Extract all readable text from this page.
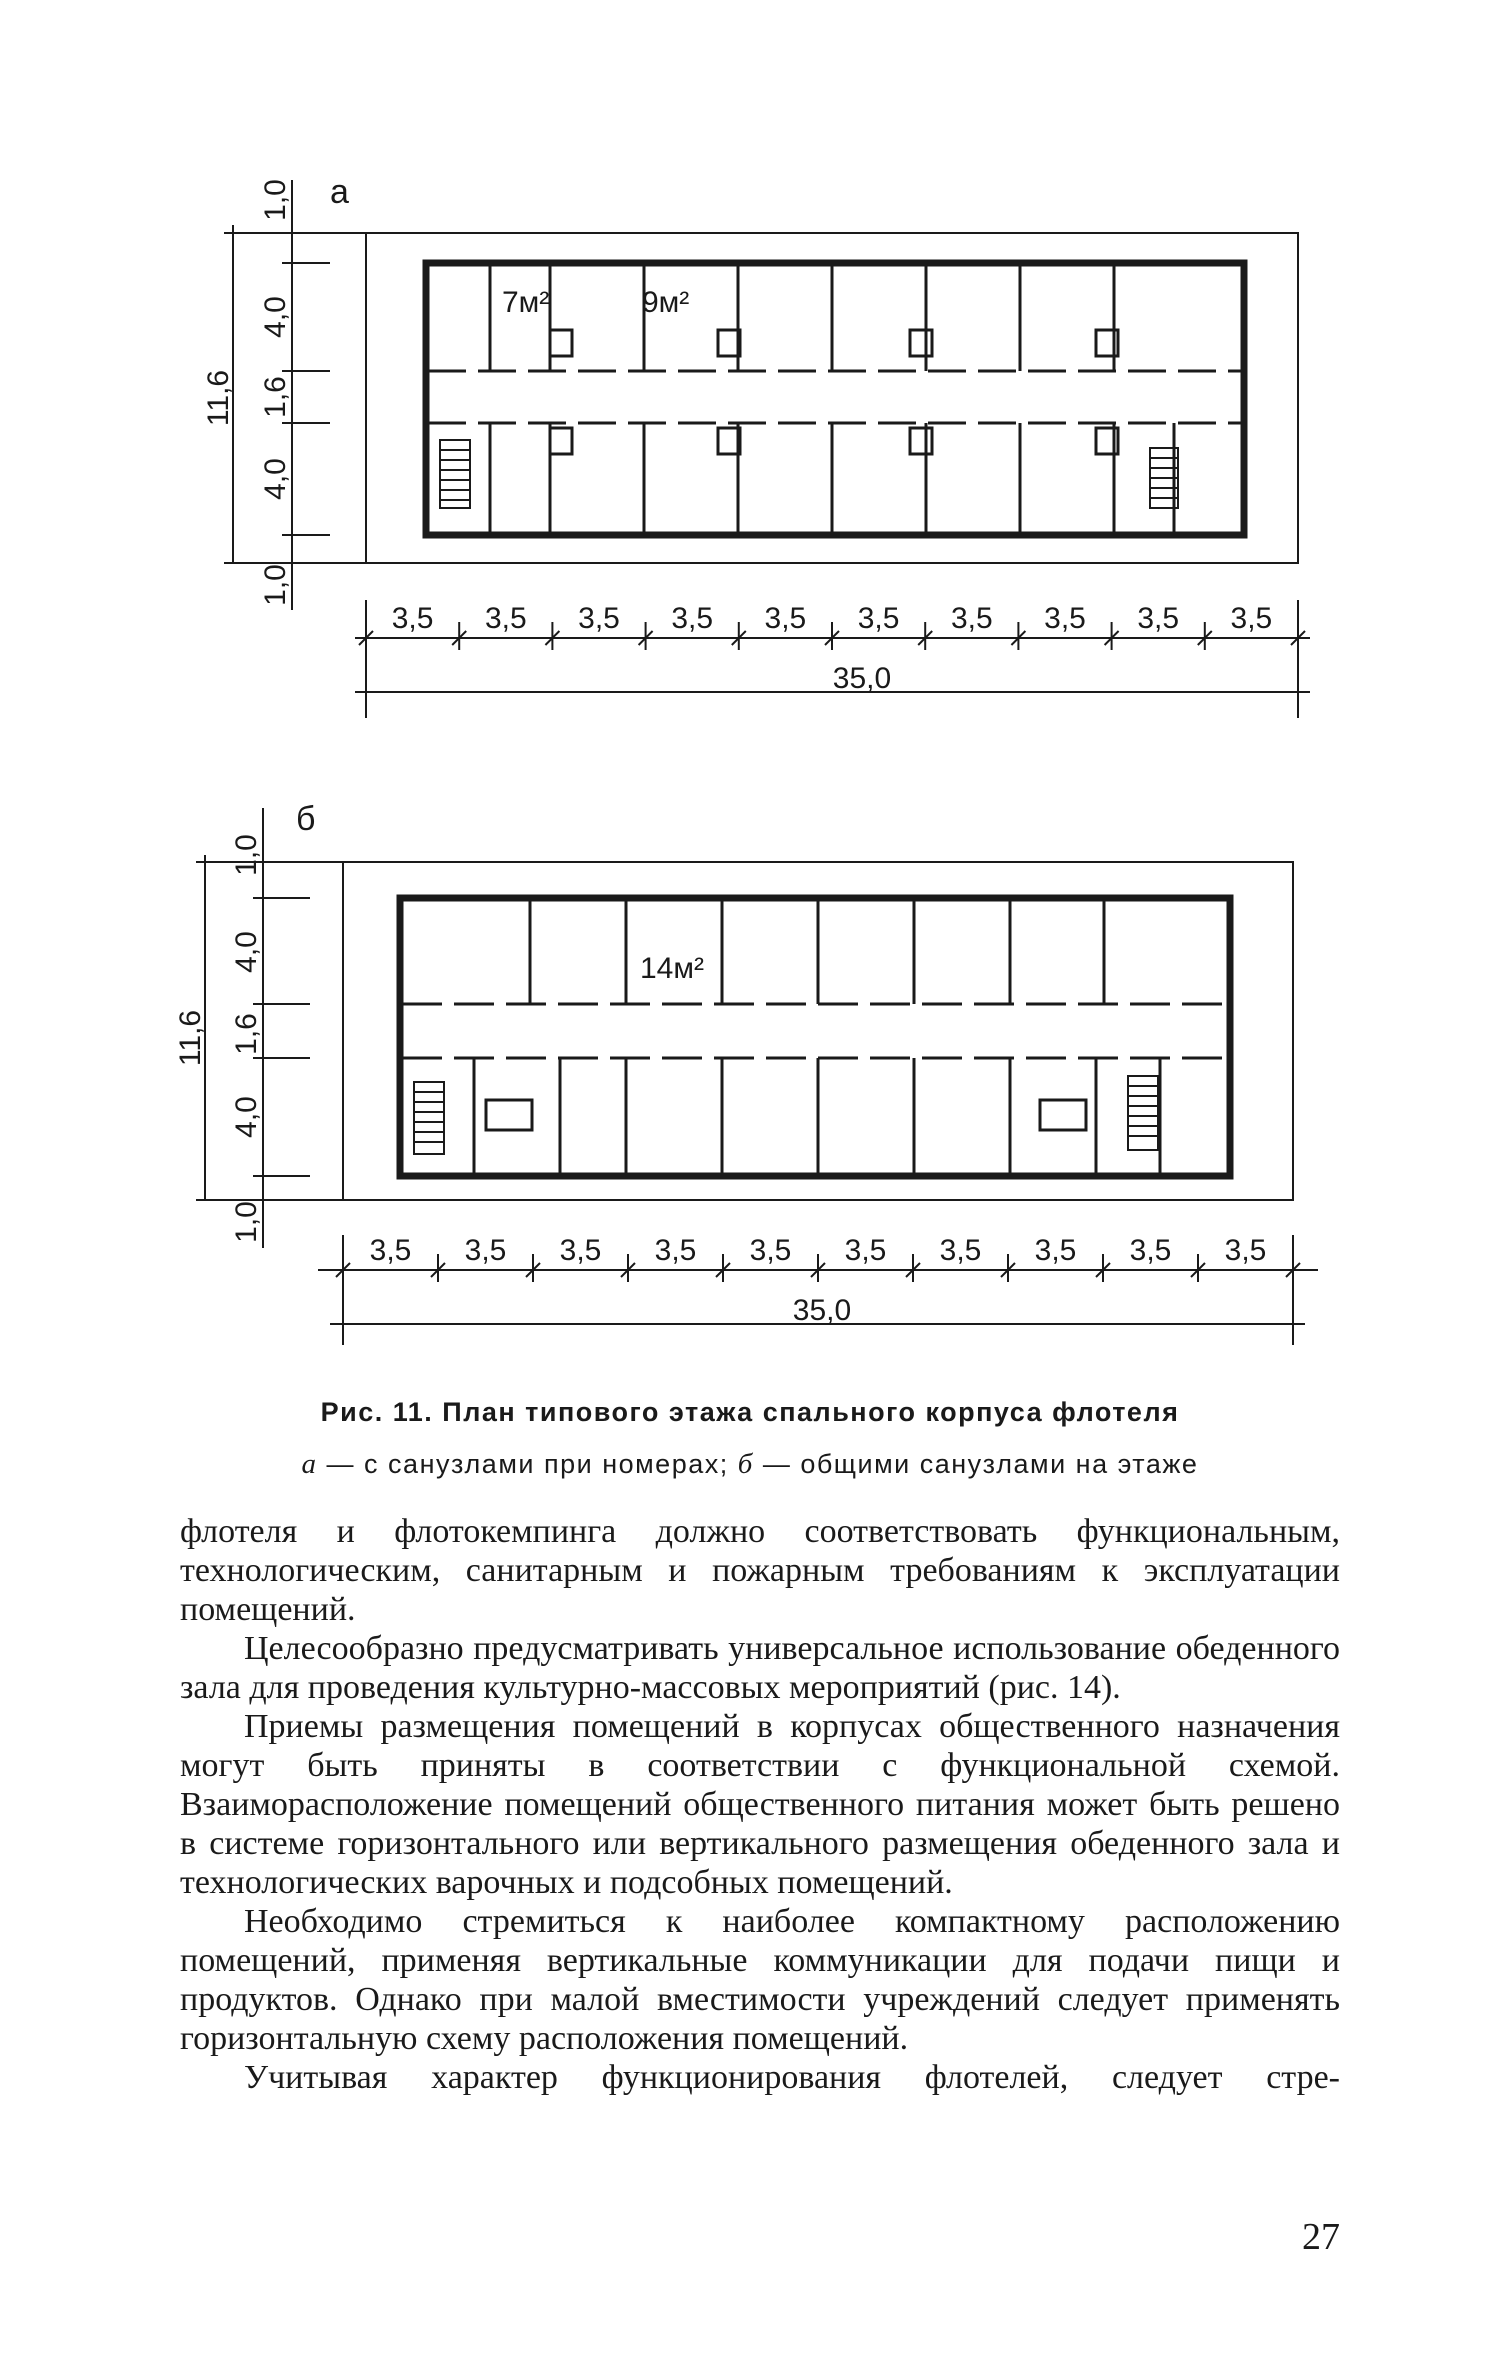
а
7м²	9м²
11,6
1,0
4,0
1,6
4,0
1,0
3,5 3,5 3,5 3,5 3,5 3,5 3,5 3,5 3,5 3,5
35,0
б
14м²
11,6
1,0
4,0
1,6
4,0
1,0
3,5 3,5 3,5 3,5 3,5 3,5 3,5 3,5 3,5 3,5
35,0
Рис. 11. План типового этажа спального корпуса флотеля
а — с санузлами при номерах; б — общими санузлами на этаже

флотеля и флотокемпинга должно соответствовать функциональным, технологическим, санитарным и пожарным требованиям к эксплуатации помещений.

Целесообразно предусматривать универсальное использование обеденного зала для проведения культурно-массовых мероприятий (рис. 14).

Приемы размещения помещений в корпусах общественного назначения могут быть приняты в соответствии с функциональной схемой. Взаиморасположение помещений общественного питания может быть решено в системе горизонтального или вертикального размещения обеденного зала и технологических варочных и подсобных помещений.

Необходимо стремиться к наиболее компактному расположению помещений, применяя вертикальные коммуникации для подачи пищи и продуктов. Однако при малой вместимости учреждений следует применять горизонтальную схему расположения помещений.

Учитывая характер функционирования флотелей, следует стре-

27
